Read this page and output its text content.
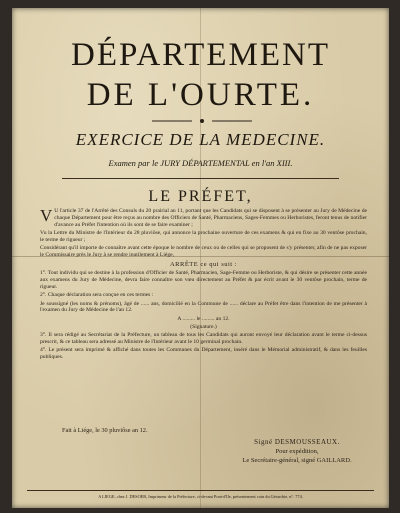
DÉPARTEMENT
DE L'OURTE.
EXERCICE DE LA MEDECINE.
Examen par le JURY DÉPARTEMENTAL en l'an XIII.
LE PRÉFET,

V U l'article 37 de l'Arrêté des Consuls du 20 prairial an 11, portant que les Candidats qui se disposent à se présenter au Jury de Médecine de chaque Département pour être reçus au nombre des Officiers de Santé, Pharmaciens, Sages-Femmes ou Herboristes, feront tenus de notifier d'avance au Préfet l'intention où ils sont de se faire examiner ;

Vu la Lettre du Ministre de l'Intérieur du 28 pluviôse, qui annonce la prochaine ouverture de ces examens & qui en fixe au 30 ventôse prochain, le terme de rigueur ;

Considérant qu'il importe de connaître avant cette époque le nombre de ceux ou de celles qui se proposent de s'y présenter, afin de ne pas exposer le Commissaire près le Jury à se rendre inutilement à Liége,

ARRÊTE ce qui suit :

1°. Tout individu qui se destine à la profession d'Officier de Santé, Pharmacien, Sage-Femme ou Herboriste, & qui désire se présenter cette année aux examens du Jury de Médecine, devra faire connaître son vœu directement au Préfet & par écrit avant le 30 ventôse prochain, terme de rigueur.

2°. Chaque déclaration sera conçue en ces termes :

Je soussigné (les noms & prénoms), âgé de ...... ans, domicilié en la Commune de ...... déclare au Préfet être dans l'intention de me présenter à l'examen du Jury de Médecine de l'an 12.

A ......... le ......... an 12.

(Signature.)

3°. Il sera rédigé au Secrétariat de la Préfecture, un tableau de tous les Candidats qui auront envoyé leur déclaration avant le terme ci-dessus prescrit, & ce tableau sera adressé au Ministre de l'Intérieur avant le 10 germinal prochain.

4°. Le présent sera imprimé & affiché dans toutes les Communes du Département, inséré dans le Mémorial administratif, & dans les feuilles publiques.

Fait à Liége, le 30 pluviôse an 12.
Signé DESMOUSSEAUX.
Pour expédition,
Le Secrétaire-général, signé GAILLARD.
A LIEGE, chez J. DESOER, Imprimeur de la Préfecture, ci-devant Pont-d'Ile, présentement coin du Gérardrie, n°. 774.
